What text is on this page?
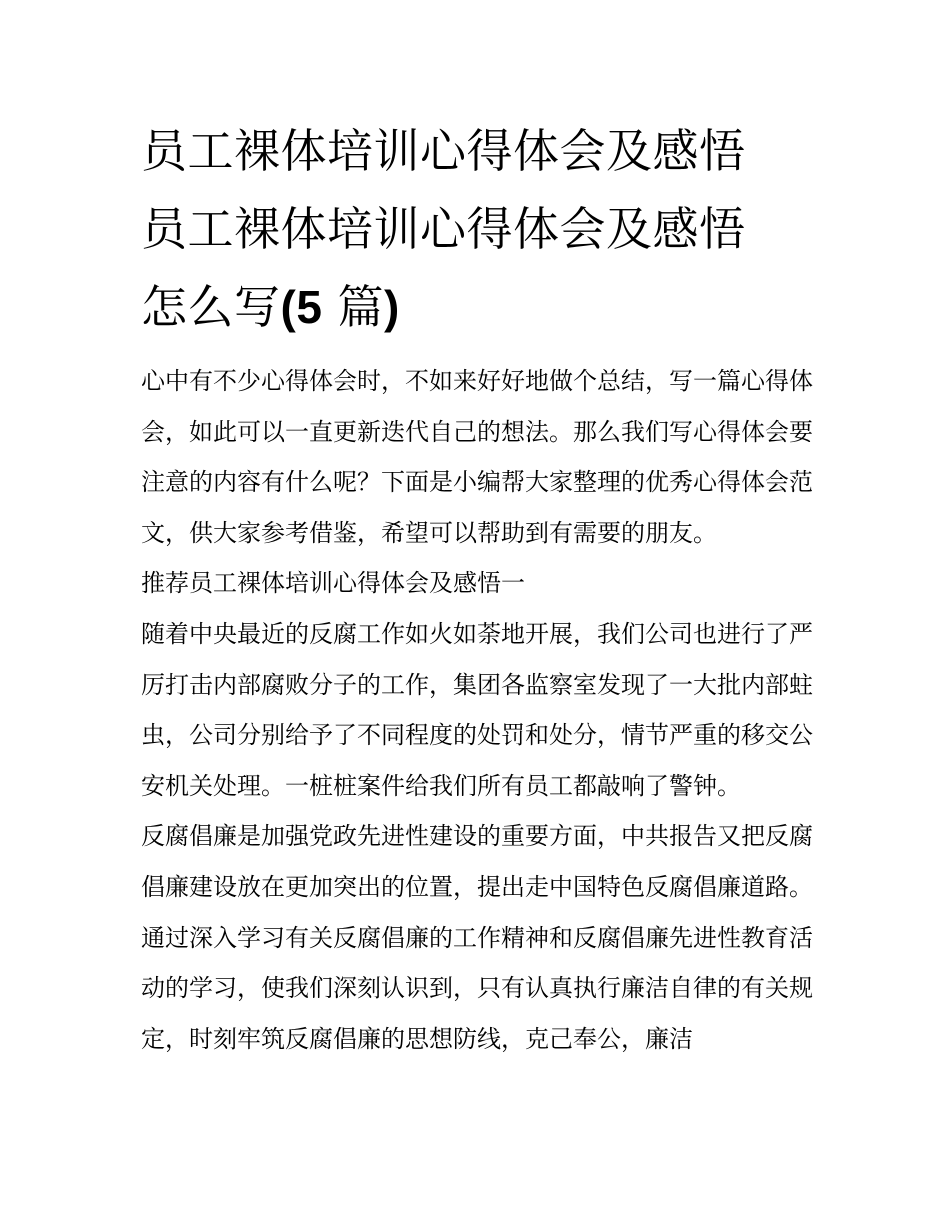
员工裸体培训心得体会及感悟
员工裸体培训心得体会及感悟
怎么写(5 篇)

心中有不少心得体会时，不如来好好地做个总结，写一篇心得体会，如此可以一直更新迭代自己的想法。那么我们写心得体会要注意的内容有什么呢？下面是小编帮大家整理的优秀心得体会范文，供大家参考借鉴，希望可以帮助到有需要的朋友。

推荐员工裸体培训心得体会及感悟一

随着中央最近的反腐工作如火如荼地开展，我们公司也进行了严厉打击内部腐败分子的工作，集团各监察室发现了一大批内部蛀虫，公司分别给予了不同程度的处罚和处分，情节严重的移交公安机关处理。一桩桩案件给我们所有员工都敲响了警钟。

反腐倡廉是加强党政先进性建设的重要方面，中共报告又把反腐倡廉建设放在更加突出的位置，提出走中国特色反腐倡廉道路。通过深入学习有关反腐倡廉的工作精神和反腐倡廉先进性教育活动的学习，使我们深刻认识到，只有认真执行廉洁自律的有关规定，时刻牢筑反腐倡廉的思想防线，克己奉公，廉洁
